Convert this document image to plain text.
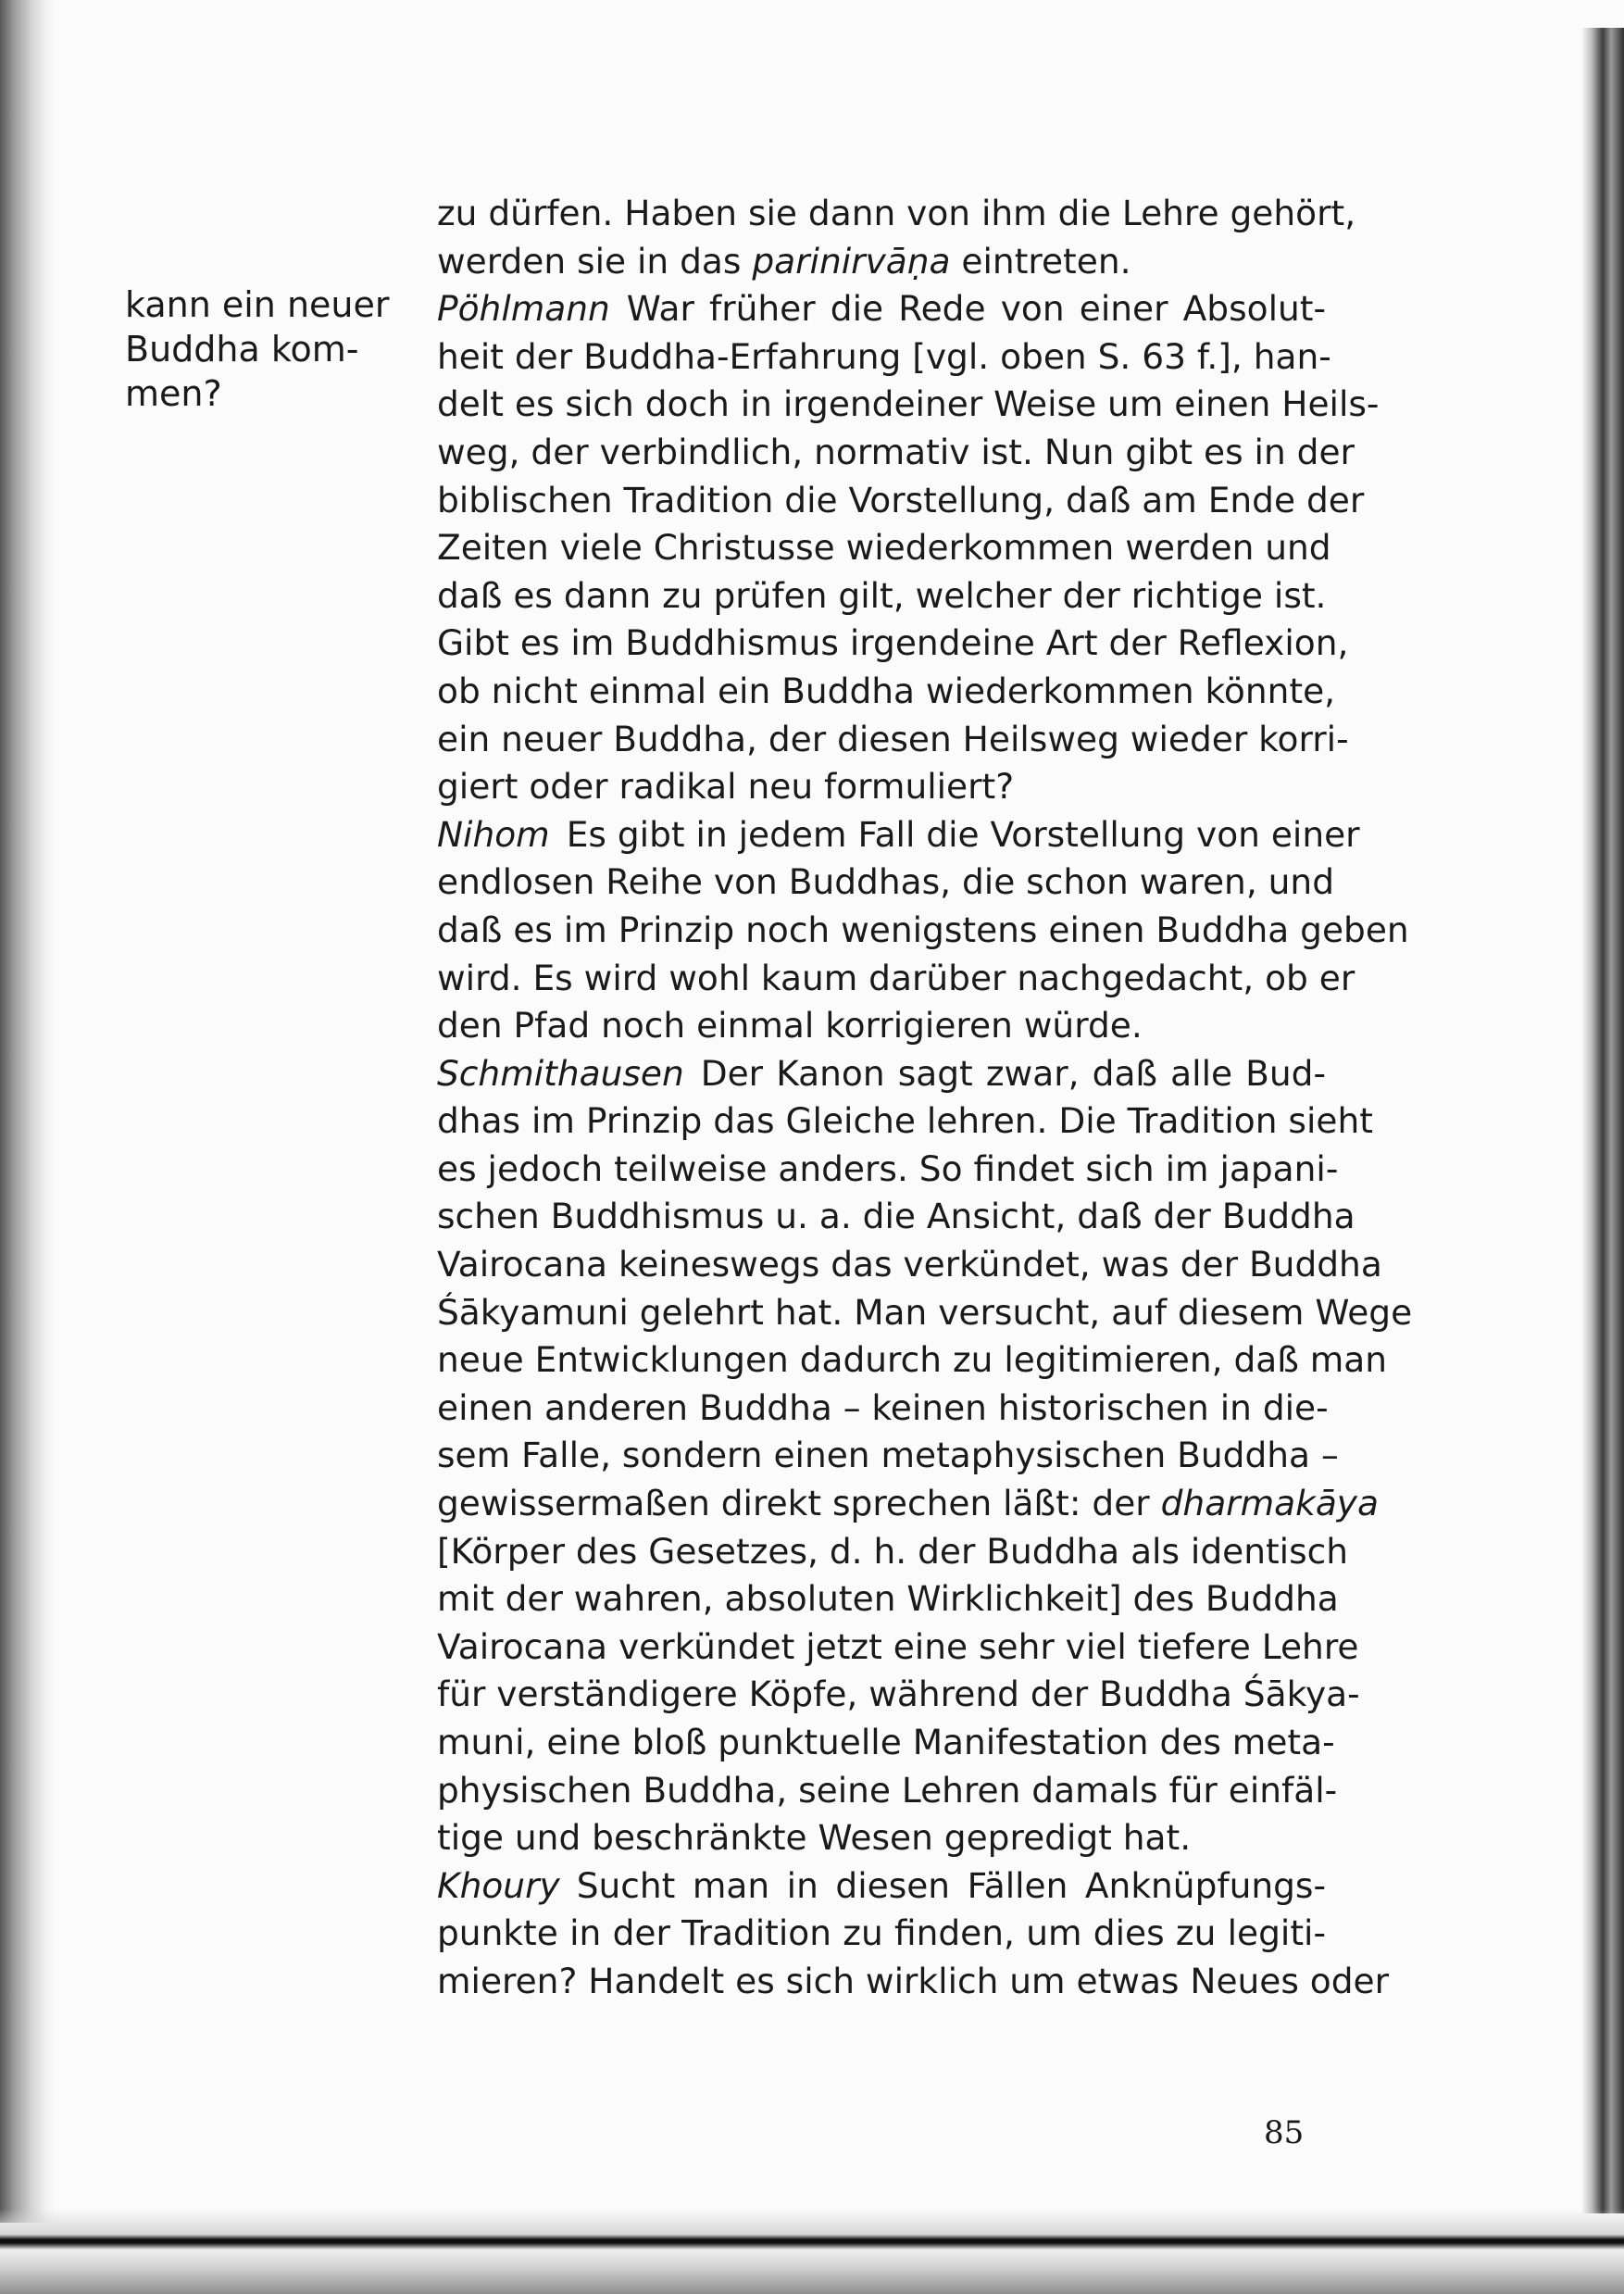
kann ein neuer
Buddha kom-
men?
zu dürfen. Haben sie dann von ihm die Lehre gehört,
werden sie in das parinirvāṇa eintreten.
Pöhlmann War früher die Rede von einer Absolut-
heit der Buddha-Erfahrung [vgl. oben S. 63 f.], han-
delt es sich doch in irgendeiner Weise um einen Heils-
weg, der verbindlich, normativ ist. Nun gibt es in der
biblischen Tradition die Vorstellung, daß am Ende der
Zeiten viele Christusse wiederkommen werden und
daß es dann zu prüfen gilt, welcher der richtige ist.
Gibt es im Buddhismus irgendeine Art der Reflexion,
ob nicht einmal ein Buddha wiederkommen könnte,
ein neuer Buddha, der diesen Heilsweg wieder korri-
giert oder radikal neu formuliert?
Nihom Es gibt in jedem Fall die Vorstellung von einer
endlosen Reihe von Buddhas, die schon waren, und
daß es im Prinzip noch wenigstens einen Buddha geben
wird. Es wird wohl kaum darüber nachgedacht, ob er
den Pfad noch einmal korrigieren würde.
Schmithausen Der Kanon sagt zwar, daß alle Bud-
dhas im Prinzip das Gleiche lehren. Die Tradition sieht
es jedoch teilweise anders. So findet sich im japani-
schen Buddhismus u. a. die Ansicht, daß der Buddha
Vairocana keineswegs das verkündet, was der Buddha
Śākyamuni gelehrt hat. Man versucht, auf diesem Wege
neue Entwicklungen dadurch zu legitimieren, daß man
einen anderen Buddha – keinen historischen in die-
sem Falle, sondern einen metaphysischen Buddha –
gewissermaßen direkt sprechen läßt: der dharmakāya
[Körper des Gesetzes, d. h. der Buddha als identisch
mit der wahren, absoluten Wirklichkeit] des Buddha
Vairocana verkündet jetzt eine sehr viel tiefere Lehre
für verständigere Köpfe, während der Buddha Śākya-
muni, eine bloß punktuelle Manifestation des meta-
physischen Buddha, seine Lehren damals für einfäl-
tige und beschränkte Wesen gepredigt hat.
Khoury Sucht man in diesen Fällen Anknüpfungs-
punkte in der Tradition zu finden, um dies zu legiti-
mieren? Handelt es sich wirklich um etwas Neues oder
85
